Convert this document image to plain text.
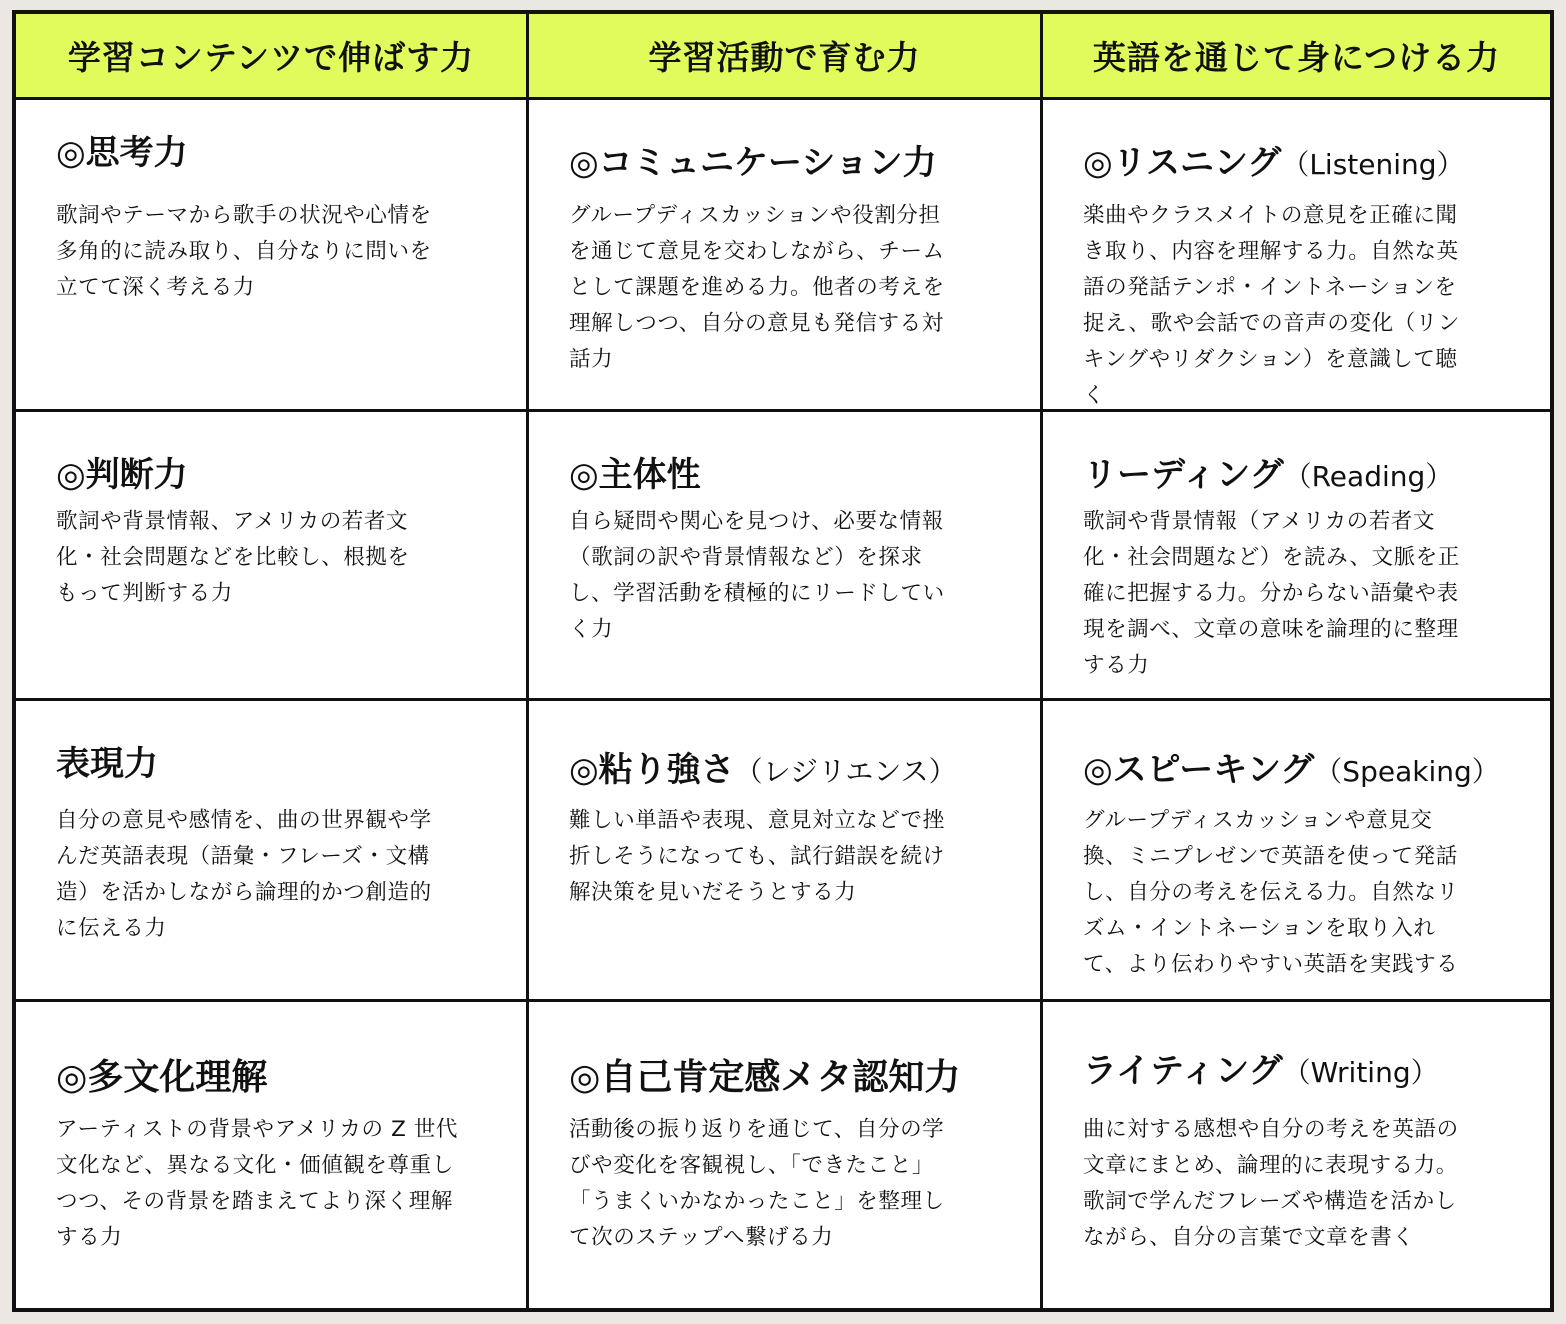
学習コンテンツで伸ばす力	学習活動で育む力	英語を通じて身につける力
◎思考力
歌詞やテーマから歌手の状況や心情を
多角的に読み取り、自分なりに問いを
立てて深く考える力
◎コミュニケーション力
グループディスカッションや役割分担
を通じて意見を交わしながら、チーム
として課題を進める力。他者の考えを
理解しつつ、自分の意見も発信する対
話力
◎リスニング（Listening）
楽曲やクラスメイトの意見を正確に聞
き取り、内容を理解する力。自然な英
語の発話テンポ・イントネーションを
捉え、歌や会話での音声の変化（リン
キングやリダクション）を意識して聴
く
◎判断力
歌詞や背景情報、アメリカの若者文
化・社会問題などを比較し、根拠を
もって判断する力
◎主体性
自ら疑問や関心を見つけ、必要な情報
（歌詞の訳や背景情報など）を探求
し、学習活動を積極的にリードしてい
く力
リーディング（Reading）
歌詞や背景情報（アメリカの若者文
化・社会問題など）を読み、文脈を正
確に把握する力。分からない語彙や表
現を調べ、文章の意味を論理的に整理
する力
表現力
自分の意見や感情を、曲の世界観や学
んだ英語表現（語彙・フレーズ・文構
造）を活かしながら論理的かつ創造的
に伝える力
◎粘り強さ（レジリエンス）
難しい単語や表現、意見対立などで挫
折しそうになっても、試行錯誤を続け
解決策を見いだそうとする力
◎スピーキング（Speaking）
グループディスカッションや意見交
換、ミニプレゼンで英語を使って発話
し、自分の考えを伝える力。自然なリ
ズム・イントネーションを取り入れ
て、より伝わりやすい英語を実践する
◎多文化理解
アーティストの背景やアメリカの Z 世代
文化など、異なる文化・価値観を尊重し
つつ、その背景を踏まえてより深く理解
する力
◎自己肯定感メタ認知力
活動後の振り返りを通じて、自分の学
びや変化を客観視し、「できたこと」
「うまくいかなかったこと」を整理し
て次のステップへ繋げる力
ライティング（Writing）
曲に対する感想や自分の考えを英語の
文章にまとめ、論理的に表現する力。
歌詞で学んだフレーズや構造を活かし
ながら、自分の言葉で文章を書く
